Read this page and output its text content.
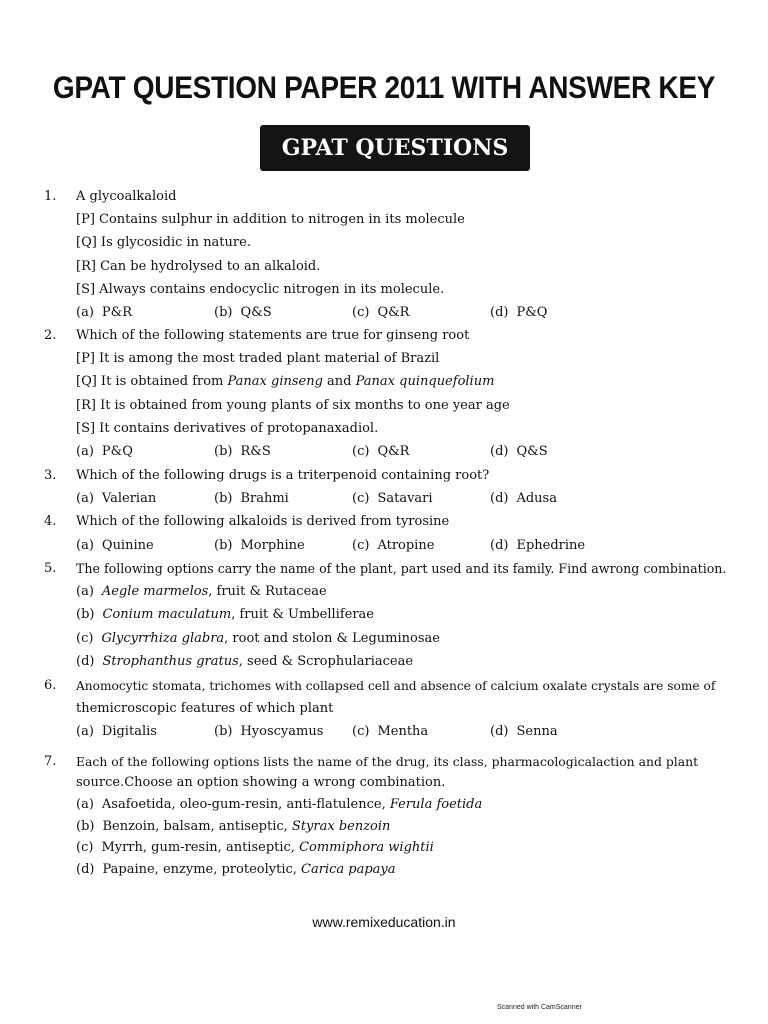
GPAT QUESTION PAPER 2011 WITH ANSWER KEY
GPAT QUESTIONS
1. A glycoalkaloid
[P] Contains sulphur in addition to nitrogen in its molecule
[Q] Is glycosidic in nature.
[R] Can be hydrolysed to an alkaloid.
[S] Always contains endocyclic nitrogen in its molecule.
(a) P&R	(b) Q&S	(c) Q&R	(d) P&Q
2. Which of the following statements are true for ginseng root
[P] It is among the most traded plant material of Brazil
[Q] It is obtained from Panax ginseng and Panax quinquefolium
[R] It is obtained from young plants of six months to one year age
[S] It contains derivatives of protopanaxadiol.
(a) P&Q	(b) R&S	(c) Q&R	(d) Q&S
3. Which of the following drugs is a triterpenoid containing root?
(a) Valerian	(b) Brahmi	(c) Satavari	(d) Adusa
4. Which of the following alkaloids is derived from tyrosine
(a) Quinine	(b) Morphine	(c) Atropine	(d) Ephedrine
5. The following options carry the name of the plant, part used and its family. Find awrong combination.
(a) Aegle marmelos, fruit & Rutaceae
(b) Conium maculatum, fruit & Umbelliferae
(c) Glycyrrhiza glabra, root and stolon & Leguminosae
(d) Strophanthus gratus, seed & Scrophulariaceae
6. Anomocytic stomata, trichomes with collapsed cell and absence of calcium oxalate crystals are some of
themicroscopic features of which plant
(a) Digitalis	(b) Hyoscyamus (c) Mentha	(d) Senna
7. Each of the following options lists the name of the drug, its class, pharmacologicalaction and plant
source.Choose an option showing a wrong combination.
(a) Asafoetida, oleo-gum-resin, anti-flatulence, Ferula foetida
(b) Benzoin, balsam, antiseptic, Styrax benzoin
(c) Myrrh, gum-resin, antiseptic, Commiphora wightii
(d) Papaine, enzyme, proteolytic, Carica papaya
www.remixeducation.in
Scanned with CamScanner
